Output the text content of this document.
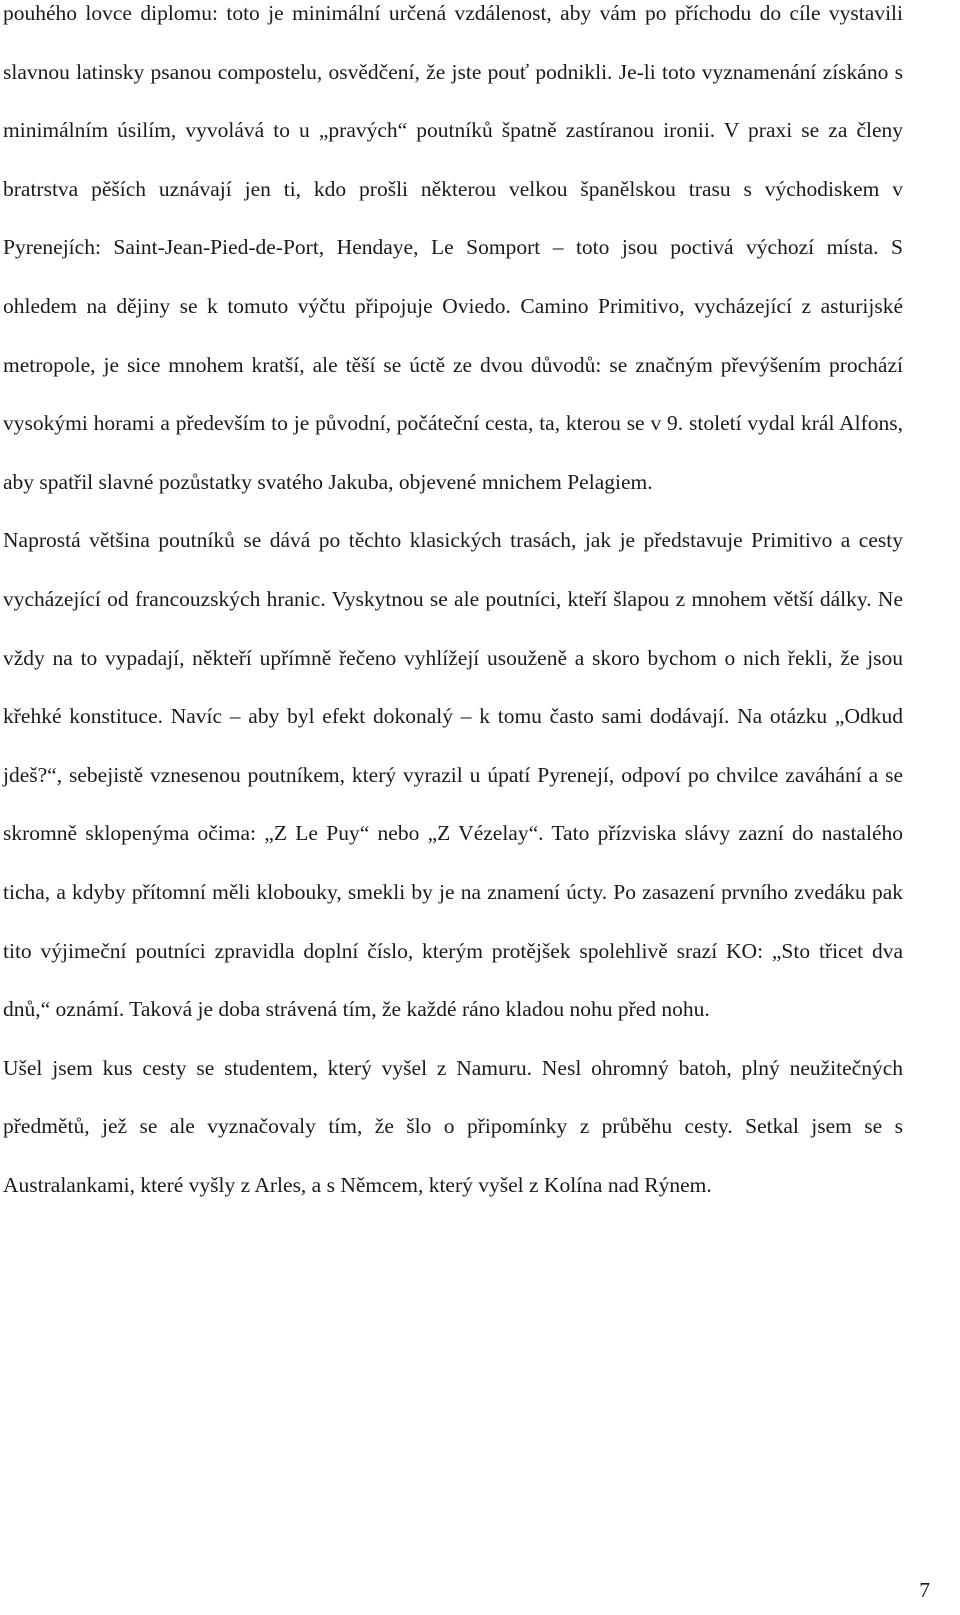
pouhého lovce diplomu: toto je minimální určená vzdálenost, aby vám po příchodu do cíle vystavili slavnou latinsky psanou compostelu, osvědčení, že jste pouť podnikli. Je-li toto vyznamenání získáno s minimálním úsilím, vyvolává to u „pravých“ poutníků špatně zastíranou ironii. V praxi se za členy bratrstva pěších uznávají jen ti, kdo prošli některou velkou španělskou trasu s východiskem v Pyrenejích: Saint-Jean-Pied-de-Port, Hendaye, Le Somport – toto jsou poctivá výchozí místa. S ohledem na dějiny se k tomuto výčtu připojuje Oviedo. Camino Primitivo, vycházející z asturijské metropole, je sice mnohem kratší, ale těší se úctě ze dvou důvodů: se značným převýšením prochází vysokými horami a především to je původní, počáteční cesta, ta, kterou se v 9. století vydal král Alfons, aby spatřil slavné pozůstatky svatého Jakuba, objevené mnichem Pelagiem.

Naprostá většina poutníků se dává po těchto klasických trasách, jak je představuje Primitivo a cesty vycházející od francouzských hranic. Vyskytnou se ale poutníci, kteří šlapou z mnohem větší dálky. Ne vždy na to vypadají, někteří upřímně řečeno vyhlížejí usouženě a skoro bychom o nich řekli, že jsou křehké konstituce. Navíc – aby byl efekt dokonalý – k tomu často sami dodávají. Na otázku „Odkud jdeš?“, sebejistě vznesenou poutníkem, který vyrazil u úpatí Pyrenejí, odpoví po chvilce zaváhání a se skromně sklopenýma očima: „Z Le Puy“ nebo „Z Vézelay“. Tato přízviska slávy zazní do nastalého ticha, a kdyby přítomní měli klobouky, smekli by je na znamení úcty. Po zasazení prvního zvedáku pak tito výjimeční poutníci zpravidla doplní číslo, kterým protějšek spolehlivě srazí KO: „Sto třicet dva dnů,“ oznámí. Taková je doba strávená tím, že každé ráno kladou nohu před nohu.

Ušel jsem kus cesty se studentem, který vyšel z Namuru. Nesl ohromný batoh, plný neužitečných předmětů, jež se ale vyznačovaly tím, že šlo o připomínky z průběhu cesty. Setkal jsem se s Australankami, které vyšly z Arles, a s Němcem, který vyšel z Kolína nad Rýnem.

7
